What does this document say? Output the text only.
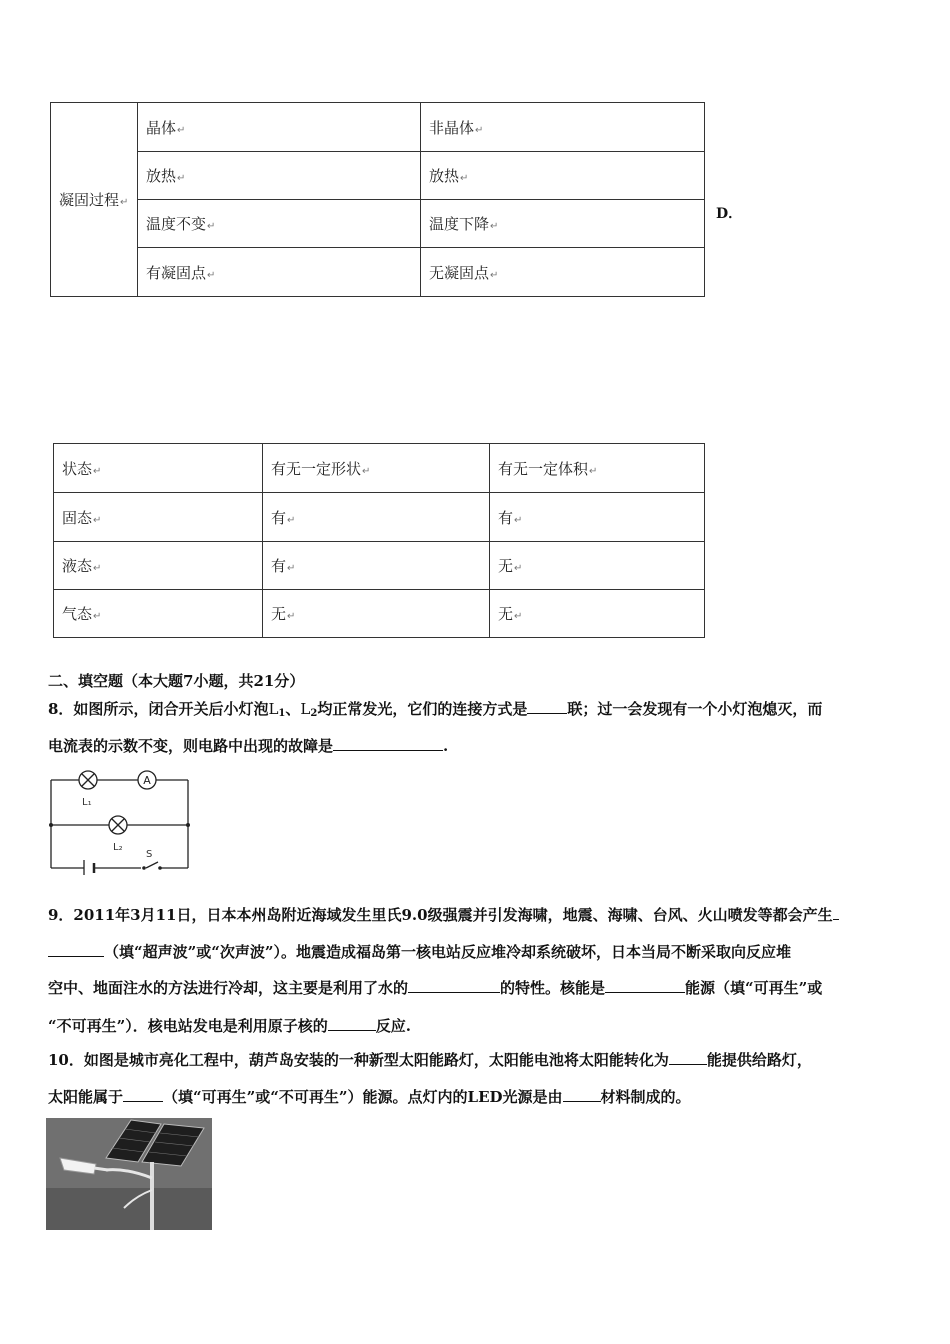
凝固过程↵	晶体↵	非晶体↵
	放热↵	放热↵
	温度不变↵	温度下降↵
	有凝固点↵	无凝固点↵
D．
状态↵	有无一定形状↵	有无一定体积↵
固态↵	有↵	有↵
液态↵	有↵	无↵
气态↵	无↵	无↵
二、填空题（本大题7小题，共21分）
8．如图所示，闭合开关后小灯泡$L_1$、$L_2$均正常发光，它们的连接方式是	联；过一会发现有一个小灯泡熄灭，而
电流表的示数不变，则电路中出现的故障是	.
A
L₁
L₂
S
9．2011年3月11日，日本本州岛附近海域发生里氏9.0级强震并引发海啸，地震、海啸、台风、火山喷发等都会产生
（填“超声波”或“次声波”）。地震造成福岛第一核电站反应堆冷却系统破坏，日本当局不断采取向反应堆
空中、地面注水的方法进行冷却，这主要是利用了水的	的特性。核能是	能源（填“可再生”或
“不可再生”）．核电站发电是利用原子核的	反应.
10．如图是城市亮化工程中，葫芦岛安装的一种新型太阳能路灯，太阳能电池将太阳能转化为	能提供给路灯，
太阳能属于	（填“可再生”或“不可再生”）能源。点灯内的LED光源是由	材料制成的。
